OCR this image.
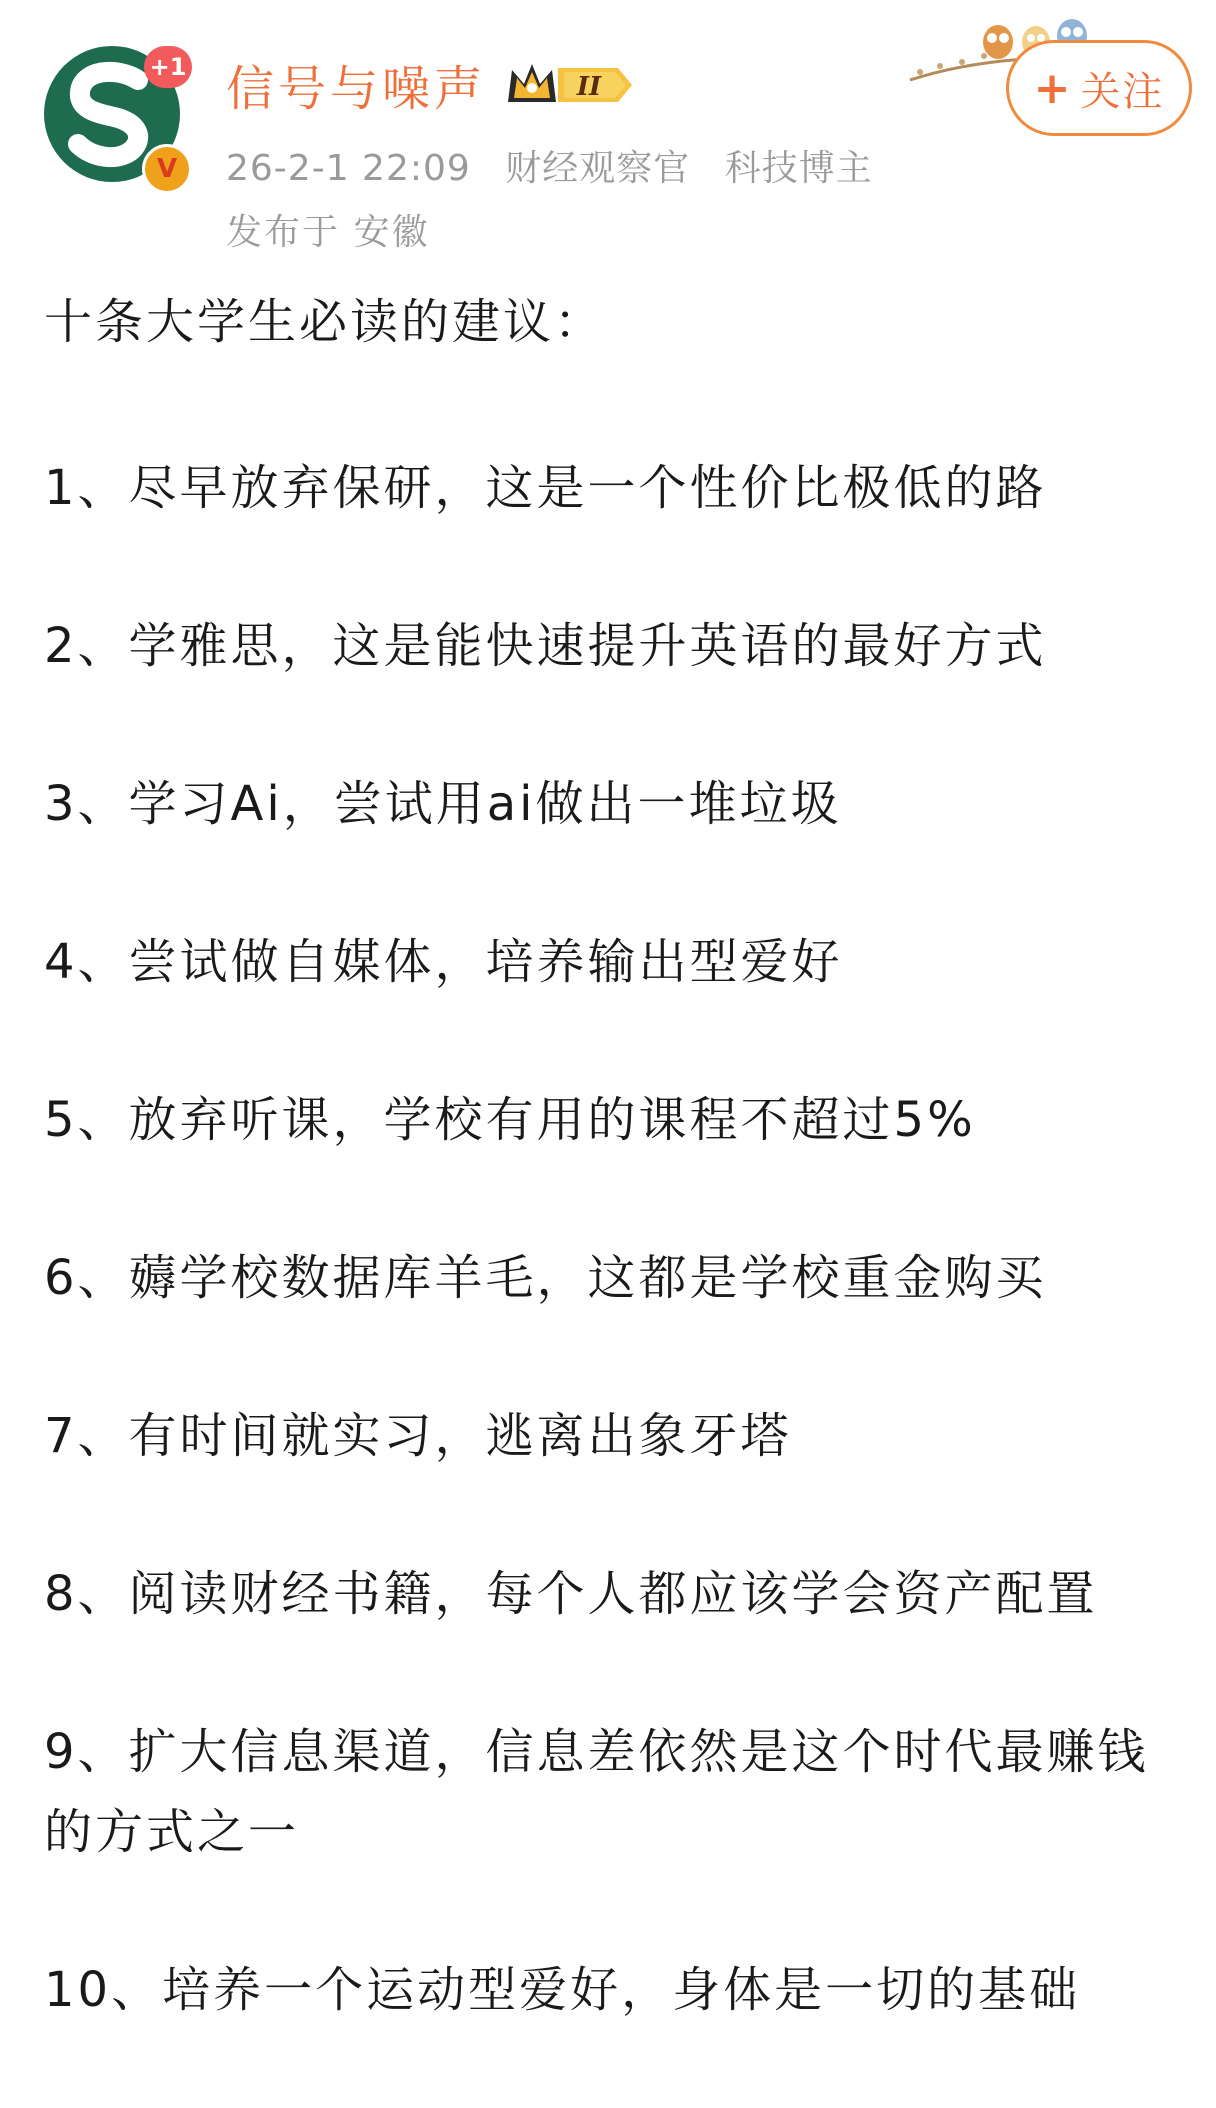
+1
V
信号与噪声	II
26-2-1 22:09 财经观察官 科技博主
发布于 安徽
+ 关注

十条大学生必读的建议：

1、尽早放弃保研，这是一个性价比极低的路

2、学雅思，这是能快速提升英语的最好方式

3、学习Ai，尝试用ai做出一堆垃圾

4、尝试做自媒体，培养输出型爱好

5、放弃听课，学校有用的课程不超过5%

6、薅学校数据库羊毛，这都是学校重金购买

7、有时间就实习，逃离出象牙塔

8、阅读财经书籍，每个人都应该学会资产配置

9、扩大信息渠道，信息差依然是这个时代最赚钱的方式之一

10、培养一个运动型爱好，身体是一切的基础
